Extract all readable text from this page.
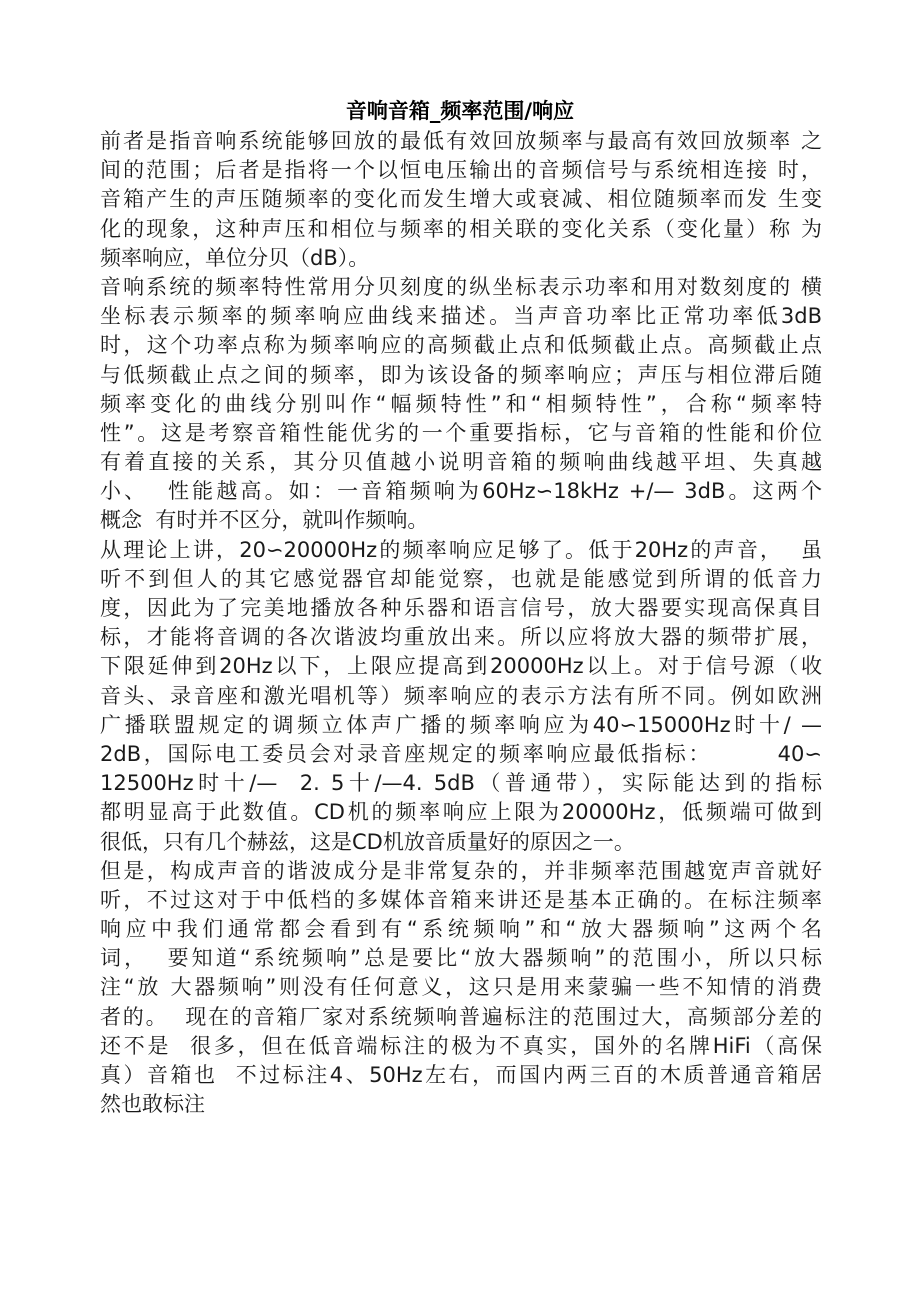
音响音箱_频率范围/响应
前者是指音响系统能够回放的最低有效回放频率与最高有效回放频率 之
间的范围；后者是指将一个以恒电压输出的音频信号与系统相连接 时，
音箱产生的声压随频率的变化而发生增大或衰减、相位随频率而发 生变
化的现象，这种声压和相位与频率的相关联的变化关系（变化量）称 为
频率响应，单位分贝（dB）。
音响系统的频率特性常用分贝刻度的纵坐标表示功率和用对数刻度的 横
坐标表示频率的频率响应曲线来描述。当声音功率比正常功率低3dB
时，这个功率点称为频率响应的高频截止点和低频截止点。高频截止点
与低频截止点之间的频率，即为该设备的频率响应；声压与相位滞后随
频率变化的曲线分别叫作“幅频特性”和“相频特性”，合称“频率特
性”。这是考察音箱性能优劣的一个重要指标，它与音箱的性能和价位
有着直接的关系，其分贝值越小说明音箱的频响曲线越平坦、失真越
小、  性能越高。如：一音箱频响为60Hz∽18kHz +/— 3dB。这两个
概念  有时并不区分，就叫作频响。
从理论上讲，20∽20000Hz的频率响应足够了。低于20Hz的声音，  虽
听不到但人的其它感觉器官却能觉察，也就是能感觉到所谓的低音力
度，因此为了完美地播放各种乐器和语言信号，放大器要实现高保真目
标，才能将音调的各次谐波均重放出来。所以应将放大器的频带扩展，
下限延伸到20Hz以下，上限应提高到20000Hz以上。对于信号源（收
音头、录音座和激光唱机等）频率响应的表示方法有所不同。例如欧洲
广播联盟规定的调频立体声广播的频率响应为40∽15000Hz时十/ —
2dB，国际电工委员会对录音座规定的频率响应最低指标：       40∽
12500Hz时十/—  2. 5十/—4. 5dB（普通带），实际能达到的指标
都明显高于此数值。CD机的频率响应上限为20000Hz，低频端可做到
很低，只有几个赫兹，这是CD机放音质量好的原因之一。
但是，构成声音的谐波成分是非常复杂的，并非频率范围越宽声音就好
听，不过这对于中低档的多媒体音箱来讲还是基本正确的。在标注频率
响应中我们通常都会看到有“系统频响”和“放大器频响”这两个名
词，  要知道“系统频响”总是要比“放大器频响”的范围小，所以只标
注“放 大器频响”则没有任何意义，这只是用来蒙骗一些不知情的消费
者的。  现在的音箱厂家对系统频响普遍标注的范围过大，高频部分差的
还不是  很多，但在低音端标注的极为不真实，国外的名牌HiFi（高保
真）音箱也  不过标注4、50Hz左右，而国内两三百的木质普通音箱居
然也敢标注
